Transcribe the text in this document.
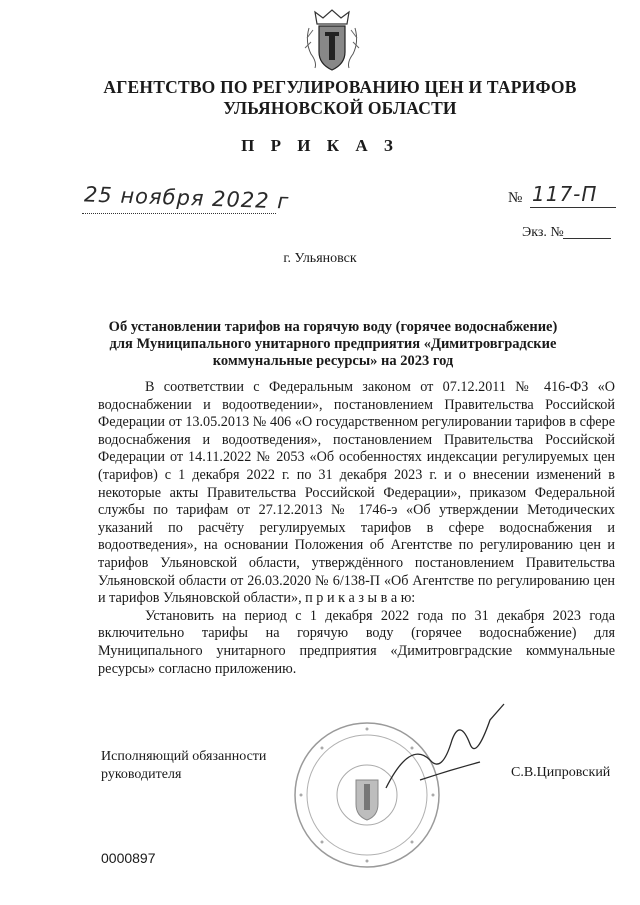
АГЕНТСТВО ПО РЕГУЛИРОВАНИЮ ЦЕН И ТАРИФОВ
УЛЬЯНОВСКОЙ ОБЛАСТИ
П Р И К А З
25 ноября 2022 г	№ 117-П
Экз. №
г. Ульяновск
Об установлении тарифов на горячую воду (горячее водоснабжение) для Муниципального унитарного предприятия «Димитровградские коммунальные ресурсы» на 2023 год

В соответствии с Федеральным законом от 07.12.2011 № 416-ФЗ «О водоснабжении и водоотведении», постановлением Правительства Российской Федерации от 13.05.2013 № 406 «О государственном регулировании тарифов в сфере водоснабжения и водоотведения», постановлением Правительства Российской Федерации от 14.11.2022 № 2053 «Об особенностях индексации регулируемых цен (тарифов) с 1 декабря 2022 г. по 31 декабря 2023 г. и о внесении изменений в некоторые акты Правительства Российской Федерации», приказом Федеральной службы по тарифам от 27.12.2013 № 1746-э «Об утверждении Методических указаний по расчёту регулируемых тарифов в сфере водоснабжения и водоотведения», на основании Положения об Агентстве по регулированию цен и тарифов Ульяновской области, утверждённого постановлением Правительства Ульяновской области от 26.03.2020 № 6/138-П «Об Агентстве по регулированию цен и тарифов Ульяновской области», п р и к а з ы в а ю:

Установить на период с 1 декабря 2022 года по 31 декабря 2023 года включительно тарифы на горячую воду (горячее водоснабжение) для Муниципального унитарного предприятия «Димитровградские коммунальные ресурсы» согласно приложению.

Исполняющий обязанности
руководителя	С.В.Ципровский
0000897
